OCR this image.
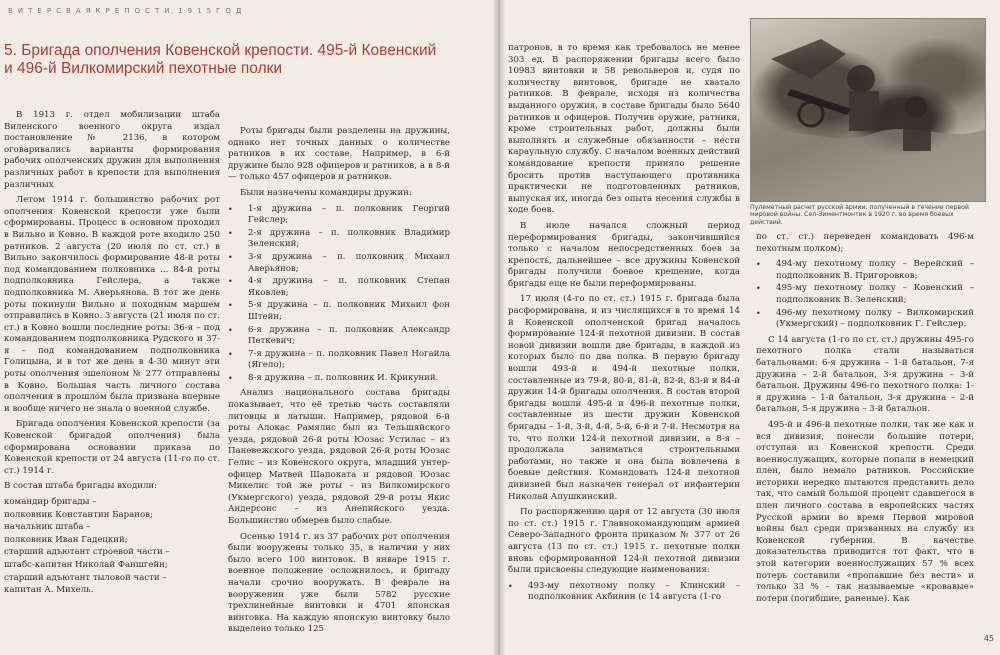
В И Т Е Р С В А Я К Р Е П О С Т И, 1 9 1 5 Г О Д
5. Бригада ополчения Ковенской крепости. 495-й Ковенский и 496-й Вилкомирский пехотные полки

В 1913 г. отдел мобилизации штаба Виленского военного округа издал постановление № 2136, в котором оговаривались варианты формирования рабочих ополченских дружин для выполнения различных работ в крепости для выполнения различных

Летом 1914 г. большинство рабочих рот ополчения Ковенской крепости уже были сформированы. Процесс в основном проходил в Вильно и Ковно. В каждой роте входило 250 ратников. 2 августа (20 июля по ст. ст.) в Вильно закончилось формирование 48-й роты под командованием полковника ... 84-й роты подполковника Гейслера, а также подполковника М. Аверьянова. В тот же день роты покинули Вильно и походным маршем отправились в Ковно. 3 августа (21 июля по ст. ст.) в Ковно вошли последние роты: 36-я – под командованием подполковника Рудского и 37-я – под командованием подполковника Голицына, и в тот же день в 4-30 минут эти роты ополчения эшелоном № 277 отправлены в Ковно. Большая часть личного состава ополчения в прошлом была призвана впервые и вообще ничего не знала о военной службе.

Бригада ополчения Ковенской крепости (за Ковенской бригадой ополчения) была сформирована основании приказа по Ковенской крепости от 24 августа (11-го по ст. ст.) 1914 г.

В состав штаба бригады входили:

командир бригады –
полковник Константин Баранов;
начальник штаба –
полковник Иван Гадецкий;
старший адъютант строевой части –
штабс-капитан Николай Фаншгейн;
старший адъютант тыловой части –
капитан А. Михель.

Роты бригады были разделены на дружины, однако нет точных данных о количестве ратников в их составе. Например, в 6-й дружине было 928 офицеров и ратников, а в 8-й — только 457 офицеров и ратников.

Были назначены командиры дружин:

• 1-я дружина – п. полковник Георгий Гейслер;
• 2-я дружина – п. полковник Владимир Зеленский;
• 3-я дружина – п. полковник Михаил Аверьянов;
• 4-я дружина – п. полковник Степан Яковлев;
• 5-я дружина – п. полковник Михаил фон Штейн;
• 6-я дружина – п. полковник Александр Петкевич;
• 7-я дружина – п. полковник Павел Ногайла (Ягело);
• 8-я дружина – п. полковник И. Крикуний.

Анализ национального состава бригады показывает, что её третью часть составляли литовцы и латыши. Например, рядовой 6-й роты Алокас Рамялис был из Тельшяйского уезда, рядовой 26-й роты Юозас Устилас – из Паневежского уезда, рядовой 26-й роты Юозас Гелис – из Ковенского округа, младший унтер-офицер Матвей Шапоката и рядовой Юозас Микелис той же роты – из Вилкомирского (Укмергского) уезда, рядовой 29-й роты Якис Андерсонс – из Анепийского уезда. Большинство обмерев было слабые.

Осенью 1914 г. из 37 рабочих рот ополчения были вооружены только 35, в наличии у них было всего 100 винтовок. В январе 1915 г. военное положение осложнилось, и бригаду начали срочно вооружать. В феврале на вооружении уже были 5782 русские трехлинейные винтовки и 4701 японская винтовка. На каждую японскую винтовку было выделено только 125

патронов, в то время как требовалось не менее 303 ед. В распоряжении бригады всего было 10983 винтовки и 58 револьверов и, судя по количеству винтовок, бригаде не хватало ратников. В феврале, исходя из количества выданного оружия, в составе бригады было 5640 ратников и офицеров. Получив оружие, ратники, кроме строительных работ, должны были выполнять и служебные обязанности – нести караульную службу. С началом военных действий командование крепости приняло решение бросить против наступающего противника практически не подготовленных ратников, выпуская их, иногда без опыта несения службы в ходе боев.

В июле начался сложный период переформирования бригады, закончившийся только с началом непосредственных боев за крепость, дальнейшее – все дружины Ковенской бригады получили боевое крещение, когда бригады еще не были переформированы.

17 июля (4-го по ст. ст.) 1915 г. бригада была расформирована, и из числящихся в то время 14 й Ковенской ополченской бригад началось формирование 124-й пехотной дивизии. В состав новой дивизии вошли две бригады, в каждой из которых было по два полка. В первую бригаду вошли 493-й и 494-й пехотные полки, составленные из 79-й, 80-й, 81-й, 82-й, 83-й и 84-й дружин 14-й бригады ополчения. В состав второй бригады вошли 495-й и 496-й пехотные полки, составленные из шести дружин Ковенской бригады – 1-й, 3-й, 4-й, 5-й, 6-й и 7-й. Несмотря на то, что полки 124-й пехотной дивизии, а 8-я – продолжала заниматься строительными работами, но также и она была вовлечена в боевые действия. Командовать 124-й пехотной дивизией был назначен генерал от инфантерии Николай Апушкинский.

По распоряжению царя от 12 августа (30 июля по ст. ст.) 1915 г. Главнокомандующим армией Северо-Западного фронта приказом № 377 от 26 августа (13 по ст. ст.) 1915 г. пехотные полки вновь сформированной 124-й пехотной дивизии были присвоены следующие наименования:

• 493-му пехотному полку – Клинский – подполковник Акбинин (с 14 августа (1-го
Пулеметный расчет русской армии, полученный в течение первой мировой войны. Сел-Зиментмонтик в 1920 г. во время боевых действий.

по ст. ст.) переведен командовать 496-м пехотным полком);

• 494-му пехотному полку – Верейский – подполковник В. Пригоровков;
• 495-му пехотному полку – Ковенский – подполковник В. Зеленский;
• 496-му пехотному полку – Вилкомирский (Укмергский) – подполковник Г. Гейслер.

С 14 августа (1-го по ст. ст.) дружины 495-го пехотного полка стали называться батальонами: 6-я дружина – 1-й батальон, 7-я дружина – 2-й батальон, 3-я дружина – 3-й батальон. Дружины 496-го пехотного полка: 1-я дружина – 1-й батальон, 3-я дружина – 2-й батальон, 5-я дружина – 3-й батальон.

495-й и 496-й пехотные полки, так же как и вся дивизия, понесли большие потери, отступая из Ковенской крепости. Среди военнослужащих, которые попали в немецкий плен, было немало ратников. Российские историки нередко пытаются представить дело так, что самый большой процент сдавшегося в плен личного состава в европейских частях Русской армии во время Первой мировой войны был среди призванных на службу из Ковенской губернии. В качестве доказательства приводится тот факт, что в этой категории военнослужащих 57 % всех потерь составили «пропавшие без вести» и только 33 % – так называемые «кровавые» потери (погибшие, раненые). Как

45
